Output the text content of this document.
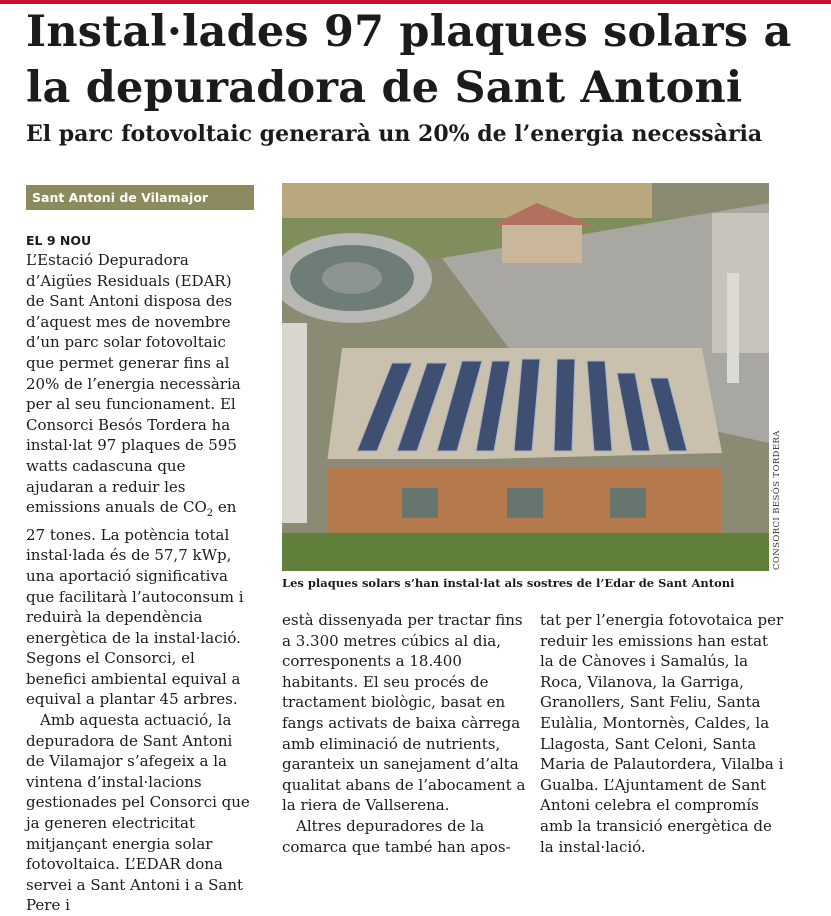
Instal·lades 97 plaques solars a la depuradora de Sant Antoni
El parc fotovoltaic generarà un 20% de l’energia necessària
Sant Antoni de Vilamajor
EL 9 NOU

L’Estació Depuradora d’Aigües Residuals (EDAR) de Sant Antoni disposa des d’aquest mes de novembre d’un parc solar fotovoltaic que permet generar fins al 20% de l’energia necessària per al seu funcionament. El Consorci Besós Tordera ha instal·lat 97 plaques de 595 watts cadascuna que ajudaran a reduir les emissions anuals de $CO_2$ en 27 tones. La potència total instal·lada és de 57,7 kWp, una aportació significativa que facilitarà l’autoconsum i reduirà la dependència energètica de la instal·lació. Segons el Consorci, el benefici ambiental equival a equival a plantar 45 arbres.

Amb aquesta actuació, la depuradora de Sant Antoni de Vilamajor s’afegeix a la vintena d’instal·lacions gestionades pel Consorci que ja generen electricitat mitjançant energia solar fotovoltaica. L’EDAR dona servei a Sant Antoni i a Sant Pere i

Les plaques solars s’han instal·lat als sostres de l’Edar de Sant Antoni

CONSORCI BESÒS TORDERA

està dissenyada per tractar fins a 3.300 metres cúbics al dia, corresponents a 18.400 habitants. El seu procés de tractament biològic, basat en fangs activats de baixa càrrega amb eliminació de nutrients, garanteix un sanejament d’alta qualitat abans de l’abocament a la riera de Vallserena.

Altres depuradores de la comarca que també han apos-

tat per l’energia fotovotaica per reduir les emissions han estat la de Cànoves i Samalús, la Roca, Vilanova, la Garriga, Granollers, Sant Feliu, Santa Eulàlia, Montornès, Caldes, la Llagosta, Sant Celoni, Santa Maria de Palautordera, Vilalba i Gualba. L’Ajuntament de Sant Antoni celebra el compromís amb la transició energètica de la instal·lació.
